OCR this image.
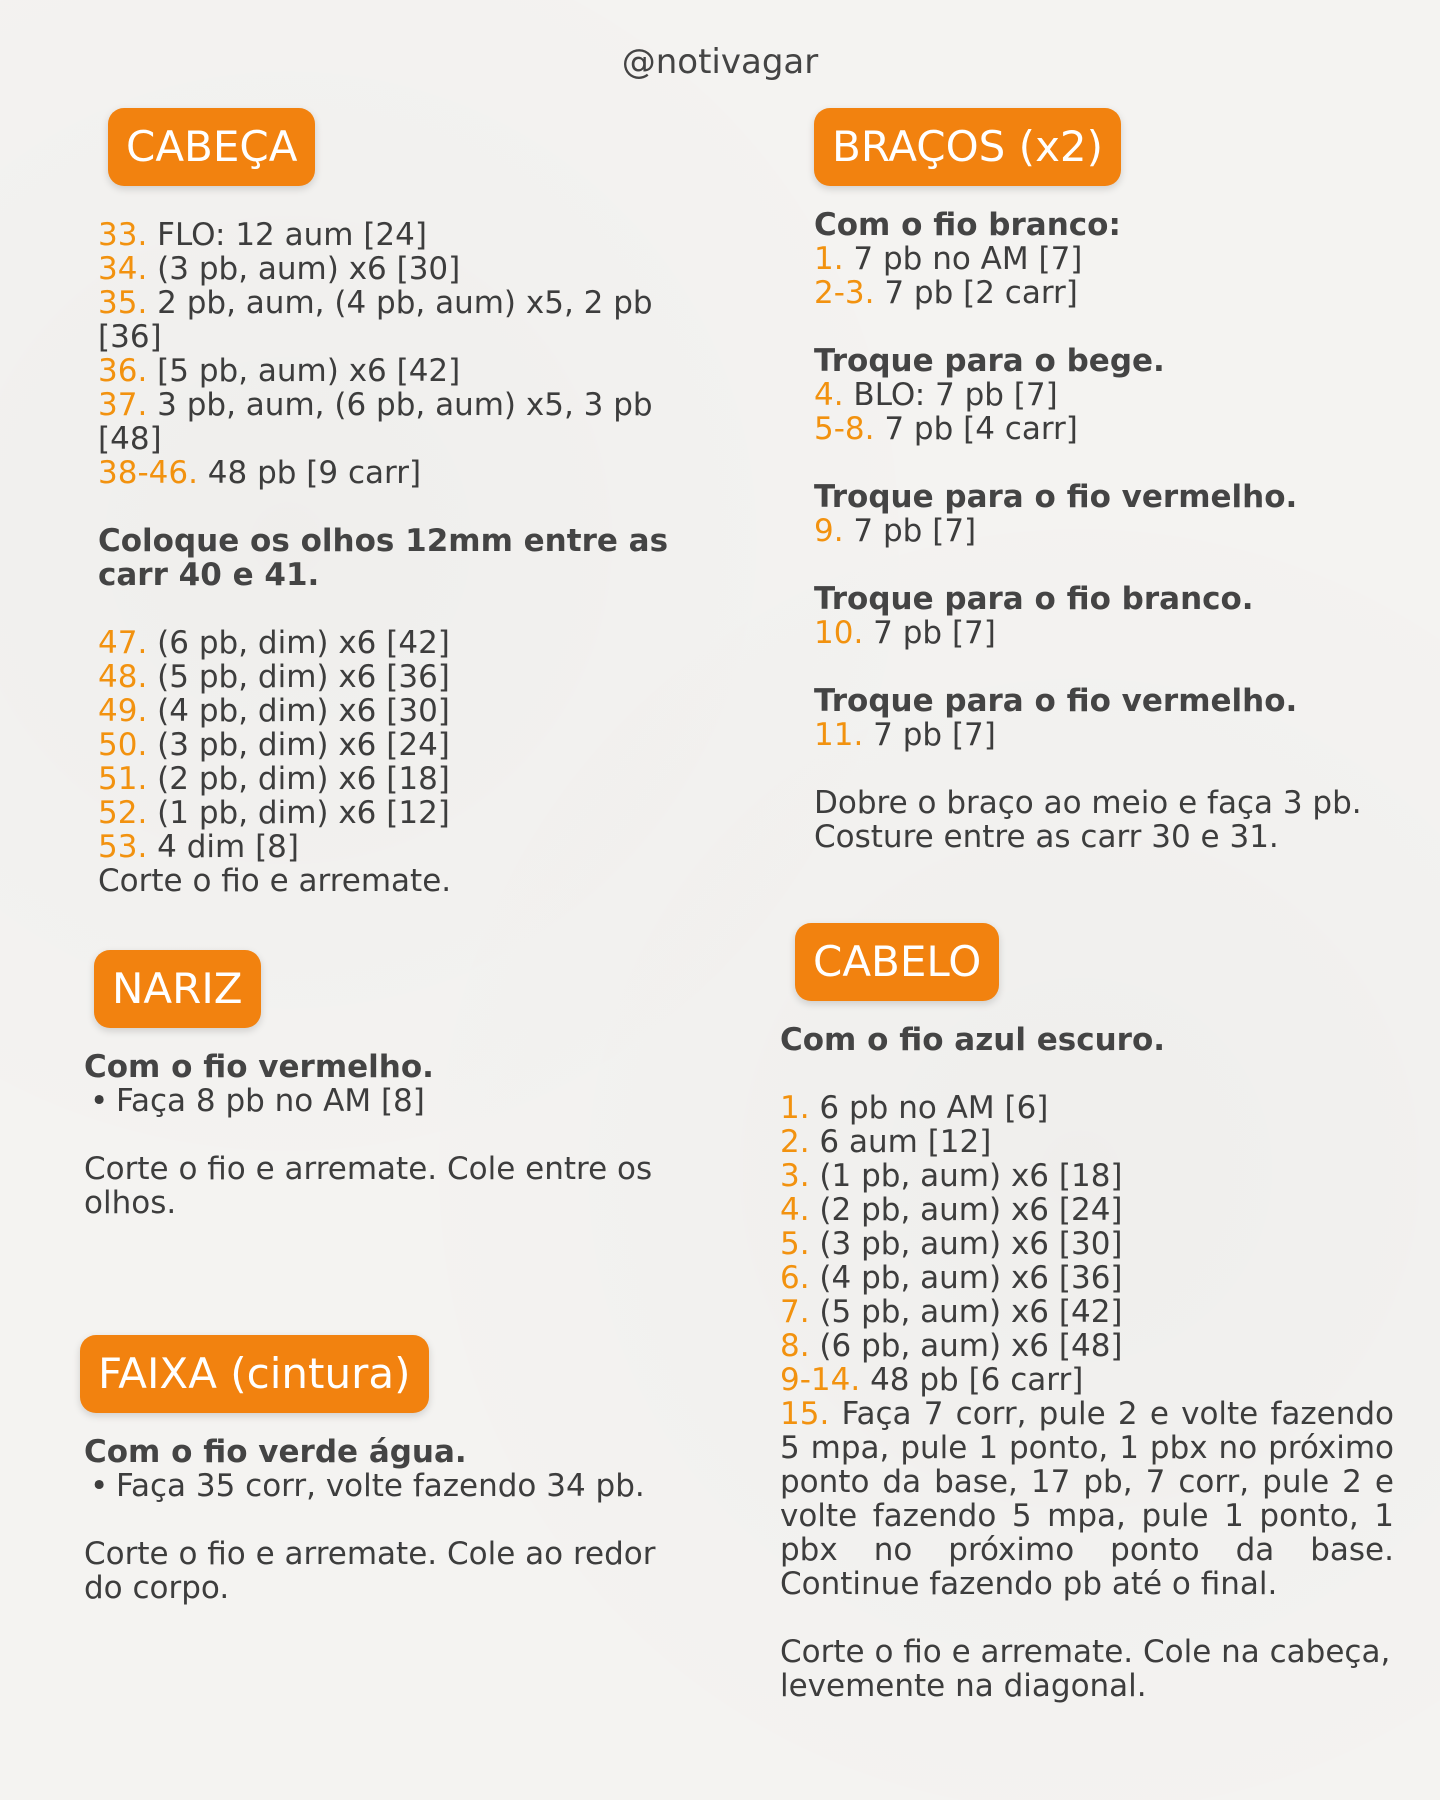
@notivagar
CABEÇA

33. FLO: 12 aum [24]

34. (3 pb, aum) x6 [30]

35. 2 pb, aum, (4 pb, aum) x5, 2 pb

[36]

36. [5 pb, aum) x6 [42]

37. 3 pb, aum, (6 pb, aum) x5, 3 pb

[48]

38-46. 48 pb [9 carr]

Coloque os olhos 12mm entre as

carr 40 e 41.

47. (6 pb, dim) x6 [42]

48. (5 pb, dim) x6 [36]

49. (4 pb, dim) x6 [30]

50. (3 pb, dim) x6 [24]

51. (2 pb, dim) x6 [18]

52. (1 pb, dim) x6 [12]

53. 4 dim [8]

Corte o fio e arremate.

NARIZ

Com o fio vermelho.

• Faça 8 pb no AM [8]

Corte o fio e arremate. Cole entre os

olhos.

FAIXA (cintura)

Com o fio verde água.

• Faça 35 corr, volte fazendo 34 pb.

Corte o fio e arremate. Cole ao redor

do corpo.

BRAÇOS (x2)

Com o fio branco:

1. 7 pb no AM [7]

2-3. 7 pb [2 carr]

Troque para o bege.

4. BLO: 7 pb [7]

5-8. 7 pb [4 carr]

Troque para o fio vermelho.

9. 7 pb [7]

Troque para o fio branco.

10. 7 pb [7]

Troque para o fio vermelho.

11. 7 pb [7]

Dobre o braço ao meio e faça 3 pb.

Costure entre as carr 30 e 31.

CABELO

Com o fio azul escuro.

1. 6 pb no AM [6]

2. 6 aum [12]

3. (1 pb, aum) x6 [18]

4. (2 pb, aum) x6 [24]

5. (3 pb, aum) x6 [30]

6. (4 pb, aum) x6 [36]

7. (5 pb, aum) x6 [42]

8. (6 pb, aum) x6 [48]

9-14. 48 pb [6 carr]

15. Faça 7 corr, pule 2 e volte fazendo 5 mpa, pule 1 ponto, 1 pbx no próximo ponto da base, 17 pb, 7 corr, pule 2 e volte fazendo 5 mpa, pule 1 ponto, 1 pbx no próximo ponto da base. Continue fazendo pb até o final.

Corte o fio e arremate. Cole na cabeça,

levemente na diagonal.
